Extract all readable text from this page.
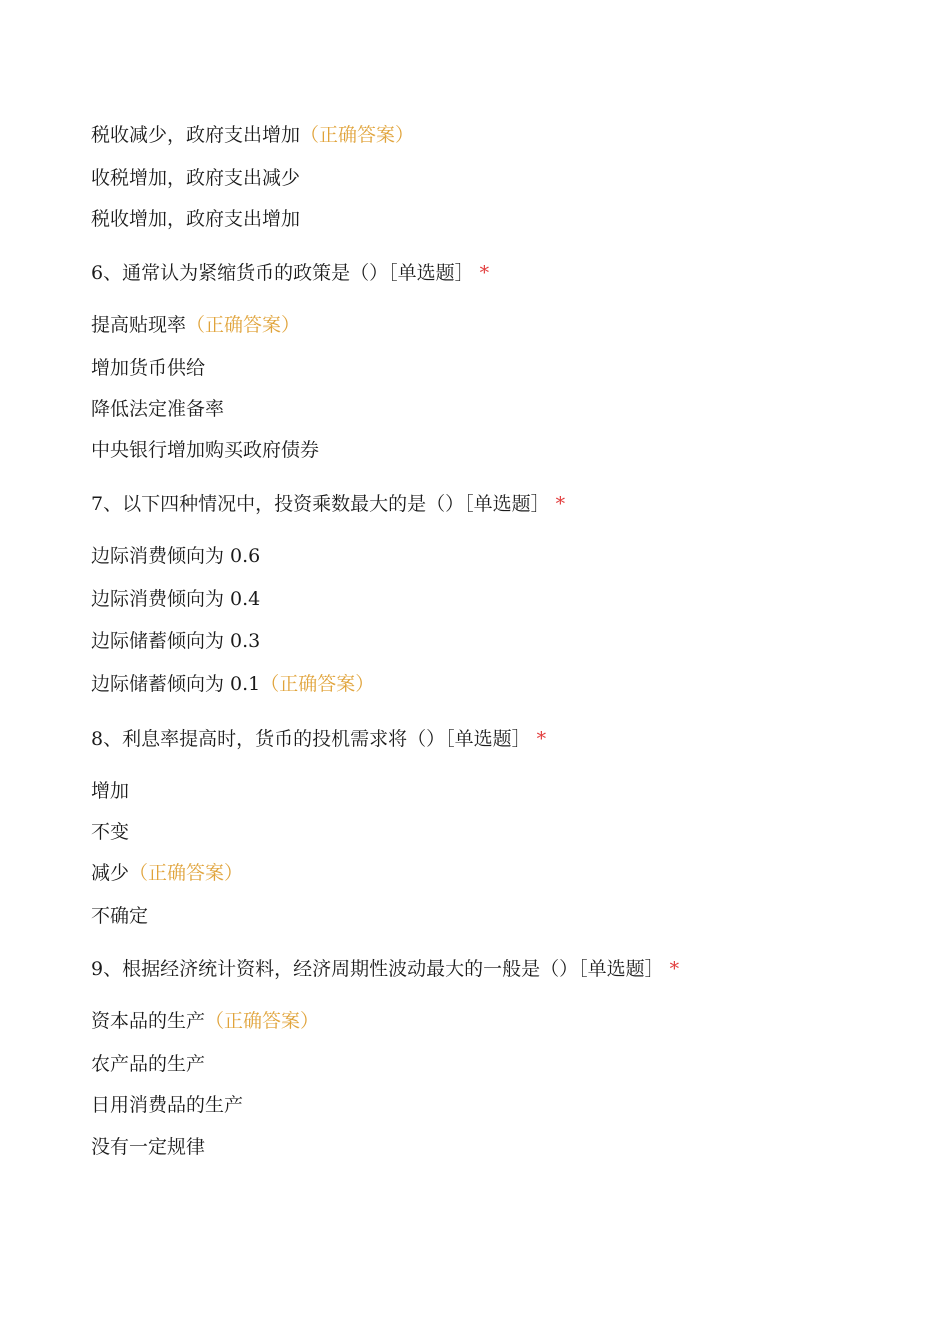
税收减少，政府支出增加（正确答案）
收税增加，政府支出减少
税收增加，政府支出增加
6、通常认为紧缩货币的政策是（）［单选题］ *
提高贴现率（正确答案）
增加货币供给
降低法定准备率
中央银行增加购买政府债券
7、以下四种情况中，投资乘数最大的是（）［单选题］ *
边际消费倾向为 0.6
边际消费倾向为 0.4
边际储蓄倾向为 0.3
边际储蓄倾向为 0.1（正确答案）
8、利息率提高时，货币的投机需求将（）［单选题］ *
增加
不变
减少（正确答案）
不确定
9、根据经济统计资料，经济周期性波动最大的一般是（）［单选题］ *
资本品的生产（正确答案）
农产品的生产
日用消费品的生产
没有一定规律
